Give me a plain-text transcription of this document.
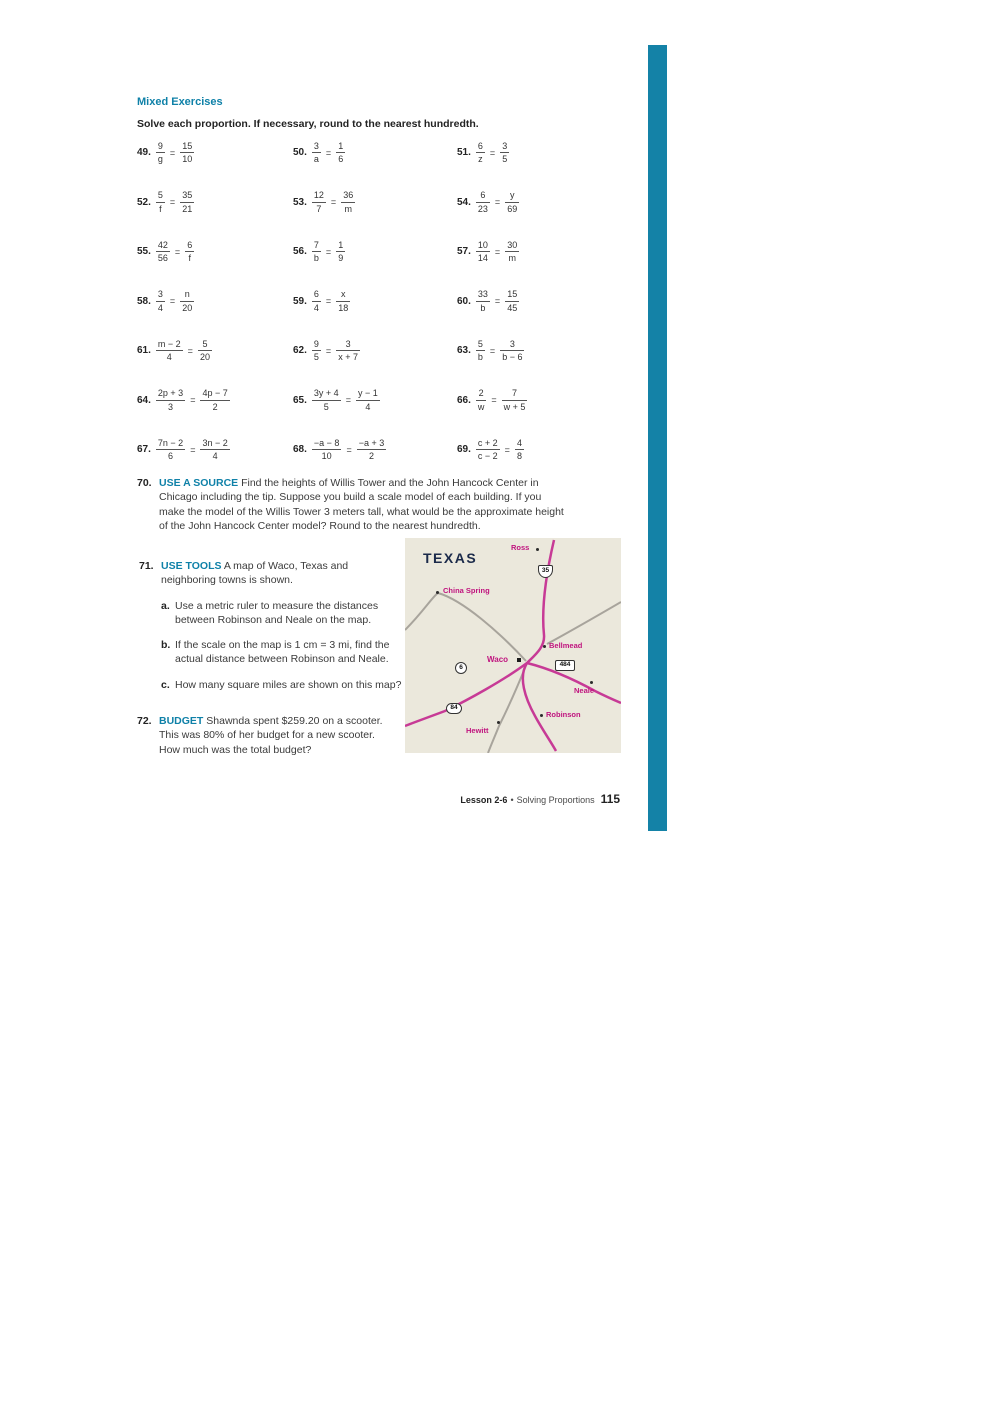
Mixed Exercises
Solve each proportion. If necessary, round to the nearest hundredth.
49. $\frac{9}{g} = \frac{15}{10}$	50. $\frac{3}{a} = \frac{1}{6}$	51. $\frac{6}{z} = \frac{3}{5}$
52. $\frac{5}{f} = \frac{35}{21}$	53. $\frac{12}{7} = \frac{36}{m}$	54. $\frac{6}{23} = \frac{y}{69}$
55. $\frac{42}{56} = \frac{6}{f}$	56. $\frac{7}{b} = \frac{1}{9}$	57. $\frac{10}{14} = \frac{30}{m}$
58. $\frac{3}{4} = \frac{n}{20}$	59. $\frac{6}{4} = \frac{x}{18}$	60. $\frac{33}{b} = \frac{15}{45}$
61. $\frac{m - 2}{4} = \frac{5}{20}$	62. $\frac{9}{5} = \frac{3}{x + 7}$	63. $\frac{5}{b} = \frac{3}{b - 6}$
64. $\frac{2p + 3}{3} = \frac{4p - 7}{2}$	65. $\frac{3y + 4}{5} = \frac{y - 1}{4}$	66. $\frac{2}{w} = \frac{7}{w + 5}$
67. $\frac{7n - 2}{6} = \frac{3n - 2}{4}$	68. $\frac{-a - 8}{10} = \frac{-a + 3}{2}$	69. $\frac{c + 2}{c - 2} = \frac{4}{8}$
70. USE A SOURCE Find the heights of Willis Tower and the John Hancock Center in Chicago including the tip. Suppose you build a scale model of each building. If you make the model of the Willis Tower 3 meters tall, what would be the approximate height of the John Hancock Center model? Round to the nearest hundredth.
71. USE TOOLS A map of Waco, Texas and neighboring towns is shown.
a. Use a metric ruler to measure the distances between Robinson and Neale on the map.
b. If the scale on the map is 1 cm = 3 mi, find the actual distance between Robinson and Neale.
c. How many square miles are shown on this map?
72. BUDGET Shawnda spent $259.20 on a scooter. This was 80% of her budget for a new scooter. How much was the total budget?
TEXAS
Ross
China Spring
Bellmead
Waco
Neale
Robinson
Hewitt
35
6	484
84
Lesson 2-6 • Solving Proportions 115
